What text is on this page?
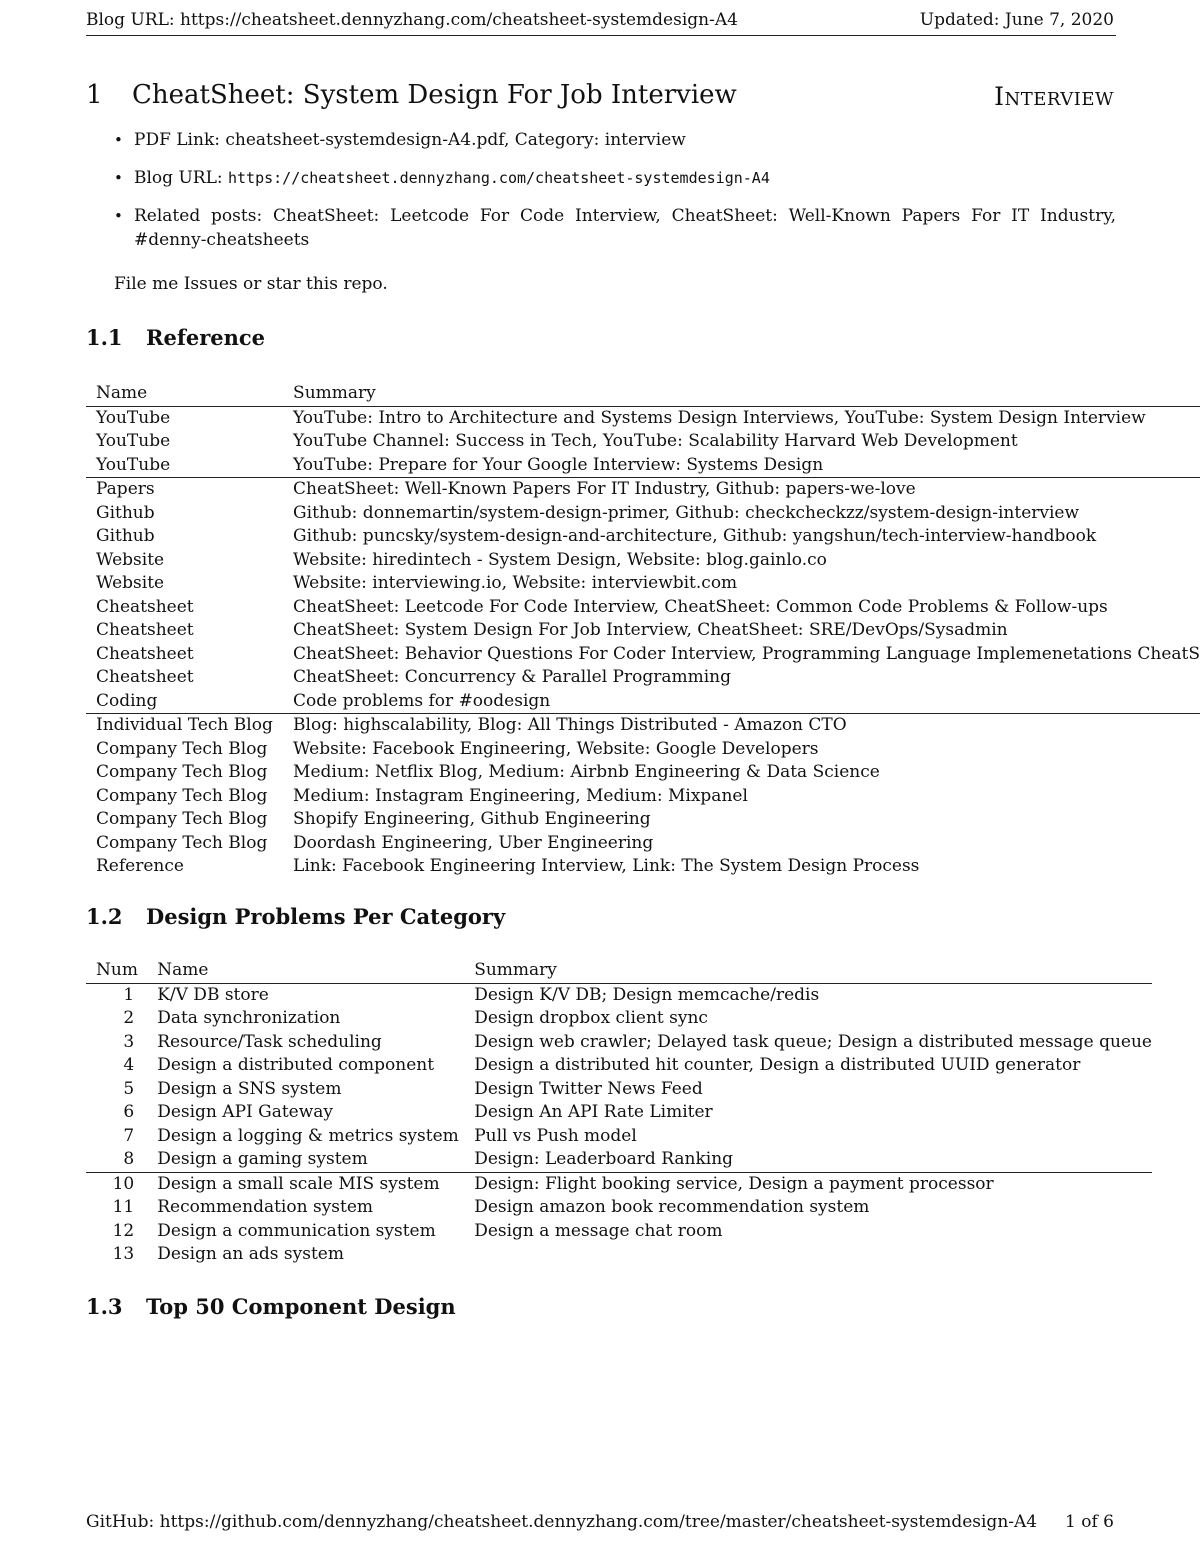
Blog URL: https://cheatsheet.dennyzhang.com/cheatsheet-systemdesign-A4	Updated: June 7, 2020
1 CheatSheet: System Design For Job Interview	Interview
• PDF Link: cheatsheet-systemdesign-A4.pdf, Category: interview
• Blog URL: https://cheatsheet.dennyzhang.com/cheatsheet-systemdesign-A4
• Related posts: CheatSheet: Leetcode For Code Interview, CheatSheet: Well-Known Papers For IT Industry, #denny-cheatsheets
File me Issues or star this repo.
1.1 Reference
Name	Summary
YouTube	YouTube: Intro to Architecture and Systems Design Interviews, YouTube: System Design Interview
YouTube	YouTube Channel: Success in Tech, YouTube: Scalability Harvard Web Development
YouTube	YouTube: Prepare for Your Google Interview: Systems Design
Papers	CheatSheet: Well-Known Papers For IT Industry, Github: papers-we-love
Github	Github: donnemartin/system-design-primer, Github: checkcheckzz/system-design-interview
Github	Github: puncsky/system-design-and-architecture, Github: yangshun/tech-interview-handbook
Website	Website: hiredintech - System Design, Website: blog.gainlo.co
Website	Website: interviewing.io, Website: interviewbit.com
Cheatsheet	CheatSheet: Leetcode For Code Interview, CheatSheet: Common Code Problems & Follow-ups
Cheatsheet	CheatSheet: System Design For Job Interview, CheatSheet: SRE/DevOps/Sysadmin
Cheatsheet	CheatSheet: Behavior Questions For Coder Interview, Programming Language Implemenetations CheatS
Cheatsheet	CheatSheet: Concurrency & Parallel Programming
Coding	Code problems for #oodesign
Individual Tech Blog	Blog: highscalability, Blog: All Things Distributed - Amazon CTO
Company Tech Blog	Website: Facebook Engineering, Website: Google Developers
Company Tech Blog	Medium: Netflix Blog, Medium: Airbnb Engineering & Data Science
Company Tech Blog	Medium: Instagram Engineering, Medium: Mixpanel
Company Tech Blog	Shopify Engineering, Github Engineering
Company Tech Blog	Doordash Engineering, Uber Engineering
Reference	Link: Facebook Engineering Interview, Link: The System Design Process
1.2 Design Problems Per Category
Num	Name	Summary
1	K/V DB store	Design K/V DB; Design memcache/redis
2	Data synchronization	Design dropbox client sync
3	Resource/Task scheduling	Design web crawler; Delayed task queue; Design a distributed message queue
4	Design a distributed component	Design a distributed hit counter, Design a distributed UUID generator
5	Design a SNS system	Design Twitter News Feed
6	Design API Gateway	Design An API Rate Limiter
7	Design a logging & metrics system	Pull vs Push model
8	Design a gaming system	Design: Leaderboard Ranking
10	Design a small scale MIS system	Design: Flight booking service, Design a payment processor
11	Recommendation system	Design amazon book recommendation system
12	Design a communication system	Design a message chat room
13	Design an ads system	
1.3 Top 50 Component Design
GitHub: https://github.com/dennyzhang/cheatsheet.dennyzhang.com/tree/master/cheatsheet-systemdesign-A4 1 of 6
